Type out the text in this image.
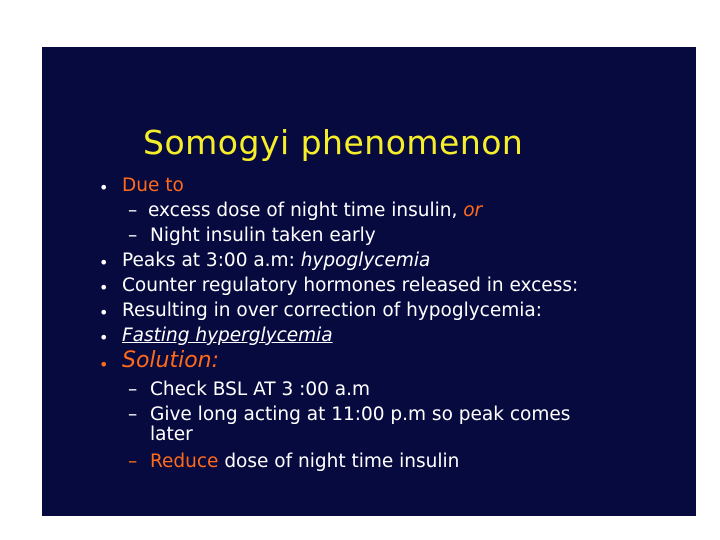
Somogyi phenomenon
• Due to
– excess dose of night time insulin, or
– Night insulin taken early
• Peaks at 3:00 a.m: hypoglycemia
• Counter regulatory hormones released in excess:
• Resulting in over correction of hypoglycemia:
• Fasting hyperglycemia
• Solution:
– Check BSL AT 3 :00 a.m
– Give long acting at 11:00 p.m so peak comes
later
– Reduce dose of night time insulin
